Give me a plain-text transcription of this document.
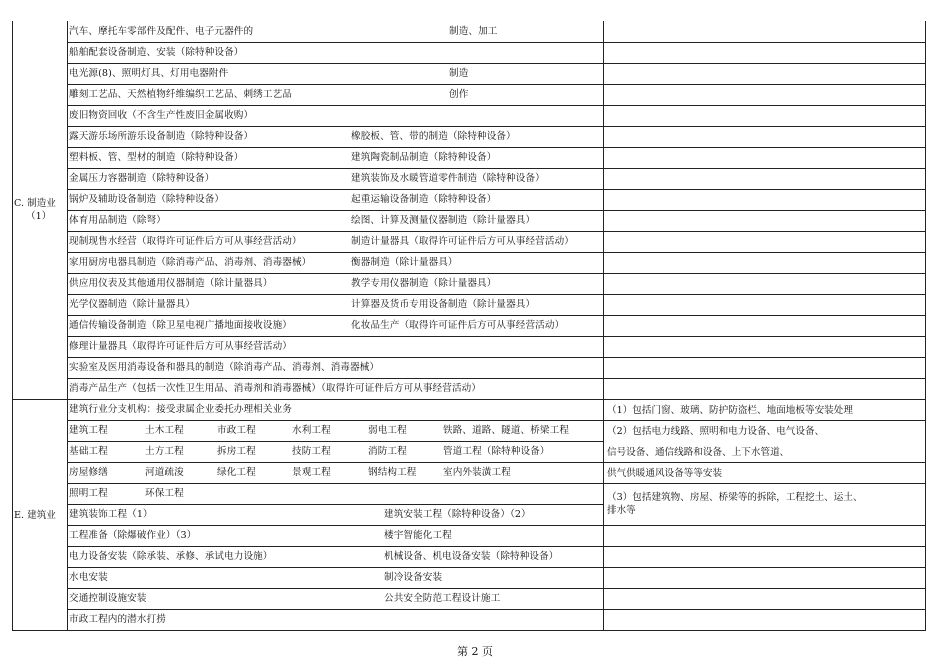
汽车、摩托车零部件及配件、电子元器件的	制造、加工
船舶配套设备制造、安装（除特种设备）
电光源(8)、照明灯具、灯用电器附件	制造
雕刻工艺品、天然植物纤维编织工艺品、刺绣工艺品	创作
废旧物资回收（不含生产性废旧金属收购）
露天游乐场所游乐设备制造（除特种设备）	橡胶板、管、带的制造（除特种设备）
塑料板、管、型材的制造（除特种设备）	建筑陶瓷制品制造（除特种设备）
金属压力容器制造（除特种设备）	建筑装饰及水暖管道零件制造（除特种设备）
锅炉及辅助设备制造（除特种设备）	起重运输设备制造（除特种设备）
体育用品制造（除弩）	绘图、计算及测量仪器制造（除计量器具）
现制现售水经营（取得许可证件后方可从事经营活动）	制造计量器具（取得许可证件后方可从事经营活动）
家用厨房电器具制造（除消毒产品、消毒剂、消毒器械）	衡器制造（除计量器具）
供应用仪表及其他通用仪器制造（除计量器具）	教学专用仪器制造（除计量器具）
光学仪器制造（除计量器具）	计算器及货币专用设备制造（除计量器具）
通信传输设备制造（除卫星电视广播地面接收设施）	化妆品生产（取得许可证件后方可从事经营活动）
修理计量器具（取得许可证件后方可从事经营活动）
实验室及医用消毒设备和器具的制造（除消毒产品、消毒剂、消毒器械）
消毒产品生产（包括一次性卫生用品、消毒剂和消毒器械）（取得许可证件后方可从事经营活动）
C. 制造业
（1）
建筑行业分支机构：接受隶属企业委托办理相关业务
建筑工程	土木工程	市政工程	水利工程	弱电工程	铁路、道路、隧道、桥梁工程
基础工程	土方工程	拆房工程	技防工程	消防工程	管道工程（除特种设备）
房屋修缮	河道疏浚	绿化工程	景观工程	钢结构工程	室内外装潢工程
照明工程	环保工程
建筑装饰工程（1）	建筑安装工程（除特种设备）（2）
工程准备（除爆破作业）（3）	楼宇智能化工程
电力设备安装（除承装、承修、承试电力设施）	机械设备、机电设备安装（除特种设备）
水电安装	制冷设备安装
交通控制设施安装	公共安全防范工程设计施工
市政工程内的潜水打捞
E. 建筑业
（1）包括门窗、玻璃、防护防盗栏、地面地板等安装处理
（2）包括电力线路、照明和电力设备、电气设备、
信号设备、通信线路和设备、上下水管道、
供气供暖通风设备等等安装
（3）包括建筑物、房屋、桥梁等的拆除，工程挖土、运土、
排水等
第 2 页
